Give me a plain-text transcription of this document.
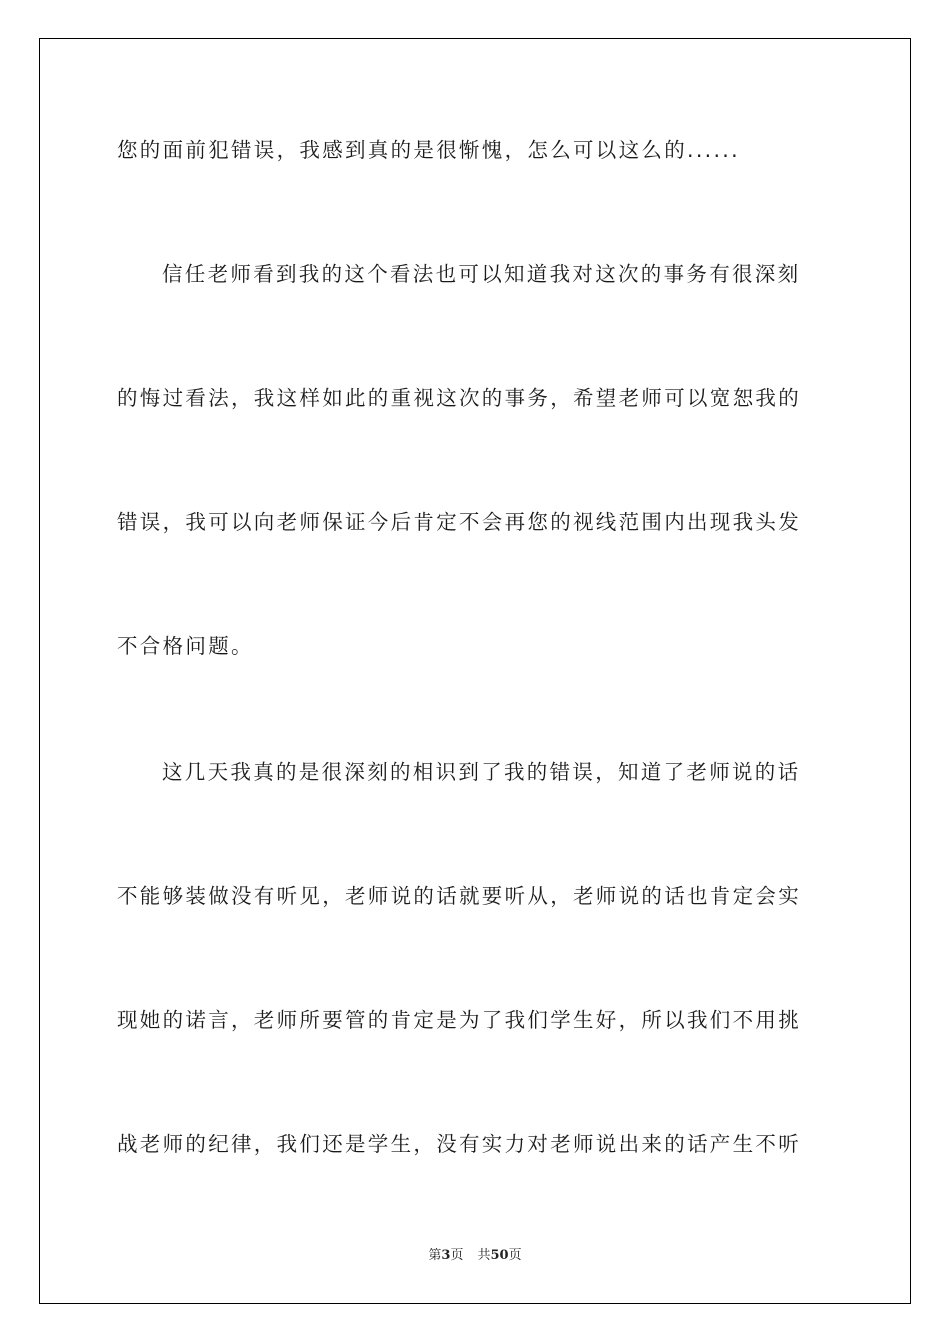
您的面前犯错误，我感到真的是很惭愧，怎么可以这么的......
信任老师看到我的这个看法也可以知道我对这次的事务有很深刻
的悔过看法，我这样如此的重视这次的事务，希望老师可以宽恕我的
错误，我可以向老师保证今后肯定不会再您的视线范围内出现我头发
不合格问题。
这几天我真的是很深刻的相识到了我的错误，知道了老师说的话
不能够装做没有听见，老师说的话就要听从，老师说的话也肯定会实
现她的诺言，老师所要管的肯定是为了我们学生好，所以我们不用挑
战老师的纪律，我们还是学生，没有实力对老师说出来的话产生不听
第3页 共50页
